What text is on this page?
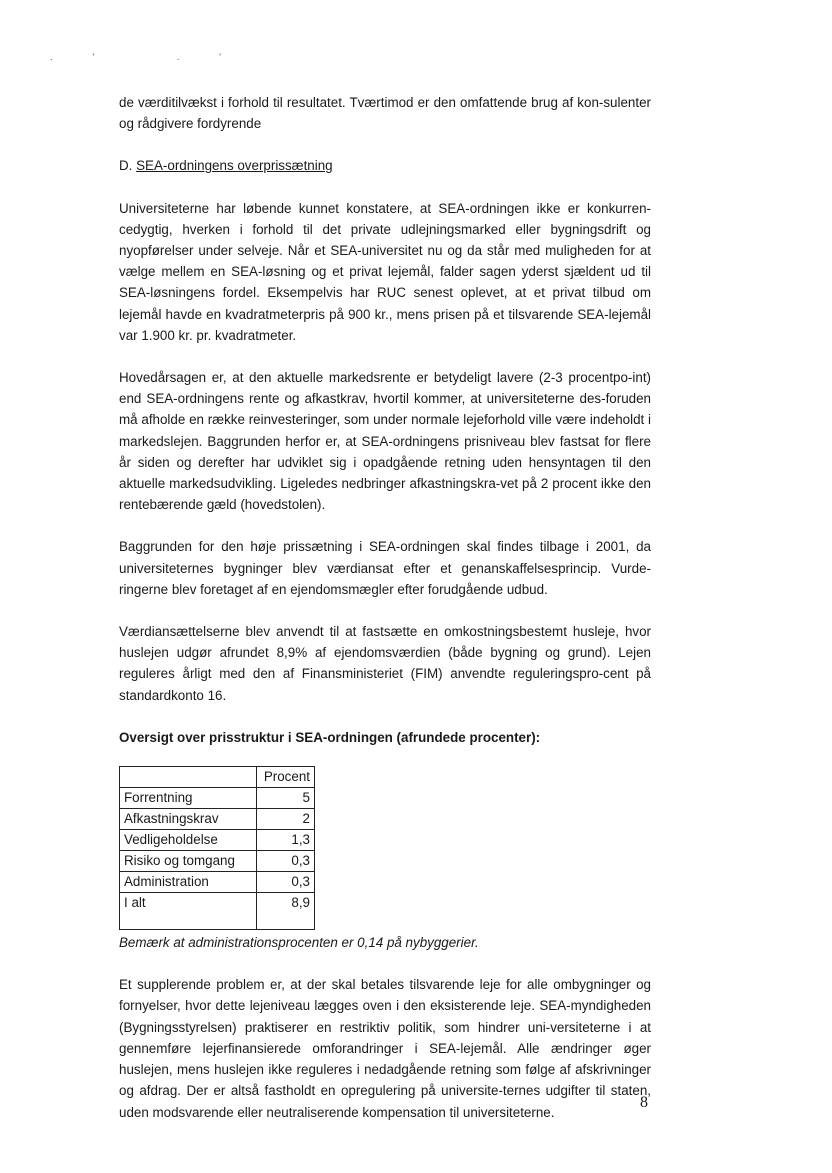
.' .'

de værditilvækst i forhold til resultatet. Tværtimod er den omfattende brug af kon-sulenter og rådgivere fordyrende

D. SEA-ordningens overprissætning

Universiteterne har løbende kunnet konstatere, at SEA-ordningen ikke er konkurren-cedygtig, hverken i forhold til det private udlejningsmarked eller bygningsdrift og nyopførelser under selveje. Når et SEA-universitet nu og da står med muligheden for at vælge mellem en SEA-løsning og et privat lejemål, falder sagen yderst sjældent ud til SEA-løsningens fordel. Eksempelvis har RUC senest oplevet, at et privat tilbud om lejemål havde en kvadratmeterpris på 900 kr., mens prisen på et tilsvarende SEA-lejemål var 1.900 kr. pr. kvadratmeter.

Hovedårsagen er, at den aktuelle markedsrente er betydeligt lavere (2-3 procentpo-int) end SEA-ordningens rente og afkastkrav, hvortil kommer, at universiteterne des-foruden må afholde en række reinvesteringer, som under normale lejeforhold ville være indeholdt i markedslejen. Baggrunden herfor er, at SEA-ordningens prisniveau blev fastsat for flere år siden og derefter har udviklet sig i opadgående retning uden hensyntagen til den aktuelle markedsudvikling. Ligeledes nedbringer afkastningskra-vet på 2 procent ikke den rentebærende gæld (hovedstolen).

Baggrunden for den høje prissætning i SEA-ordningen skal findes tilbage i 2001, da universiteternes bygninger blev værdiansat efter et genanskaffelsesprincip. Vurde-ringerne blev foretaget af en ejendomsmægler efter forudgående udbud.

Værdiansættelserne blev anvendt til at fastsætte en omkostningsbestemt husleje, hvor huslejen udgør afrundet 8,9% af ejendomsværdien (både bygning og grund). Lejen reguleres årligt med den af Finansministeriet (FIM) anvendte reguleringspro-cent på standardkonto 16.

Oversigt over prisstruktur i SEA-ordningen (afrundede procenter):

	Procent
Forrentning	5
Afkastningskrav	2
Vedligeholdelse	1,3
Risiko og tomgang	0,3
Administration	0,3
I alt	8,9

Bemærk at administrationsprocenten er 0,14 på nybyggerier.

Et supplerende problem er, at der skal betales tilsvarende leje for alle ombygninger og fornyelser, hvor dette lejeniveau lægges oven i den eksisterende leje. SEA-myndigheden (Bygningsstyrelsen) praktiserer en restriktiv politik, som hindrer uni-versiteterne i at gennemføre lejerfinansierede omforandringer i SEA-lejemål. Alle ændringer øger huslejen, mens huslejen ikke reguleres i nedadgående retning som følge af afskrivninger og afdrag. Der er altså fastholdt en opregulering på universite-ternes udgifter til staten, uden modsvarende eller neutraliserende kompensation til universiteterne.

8
